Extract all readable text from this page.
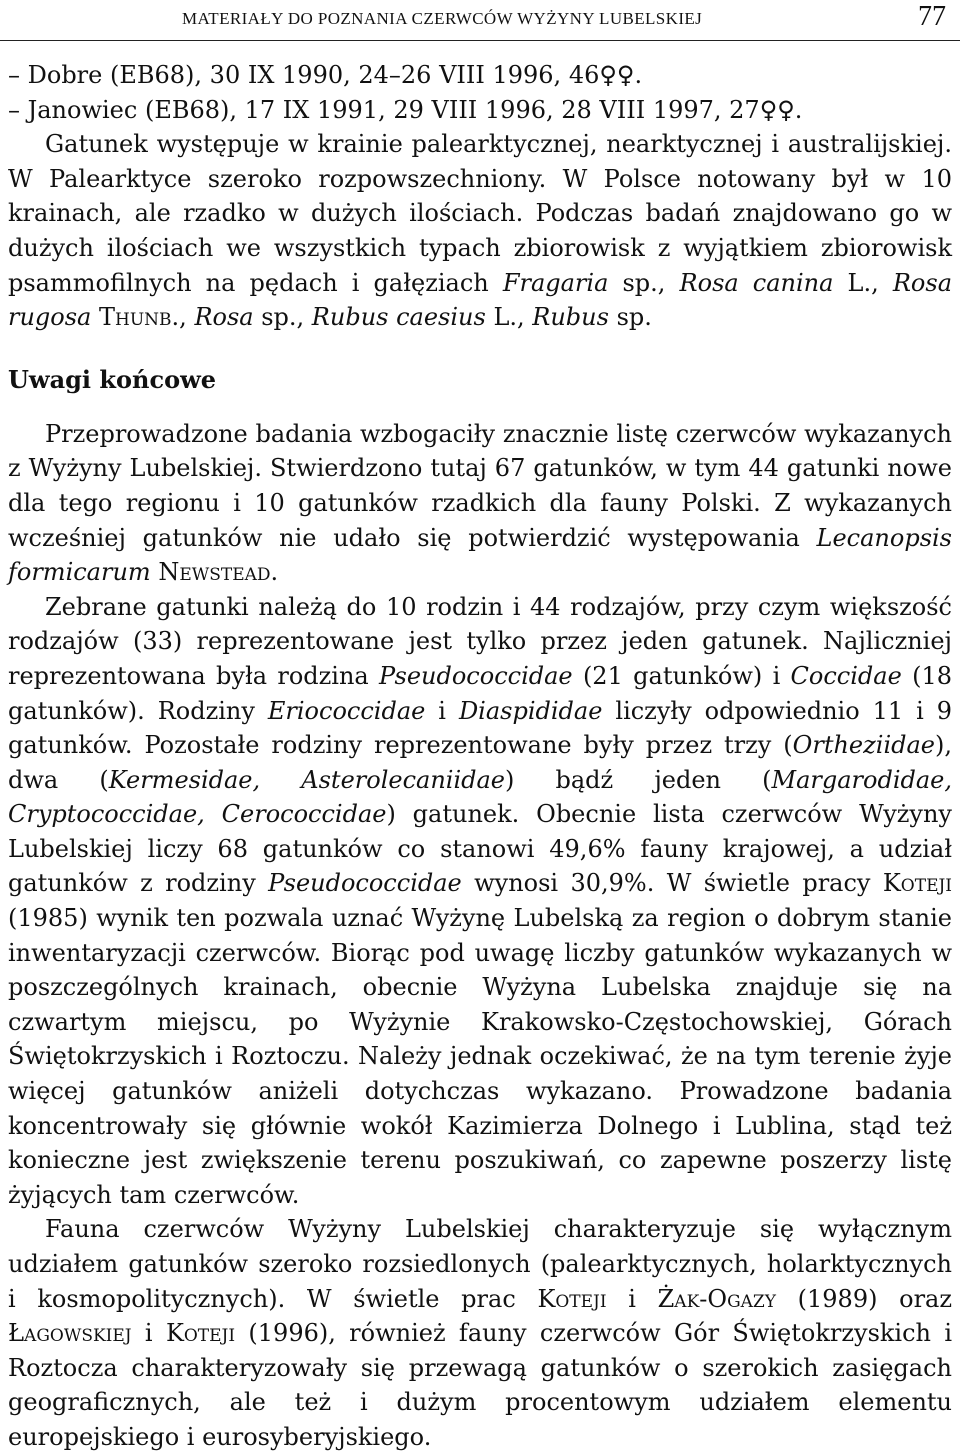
MATERIAŁY DO POZNANIA CZERWCÓW WYŻYNY LUBELSKIEJ	77

– Dobre (EB68), 30 IX 1990, 24–26 VIII 1996, 46♀♀.

– Janowiec (EB68), 17 IX 1991, 29 VIII 1996, 28 VIII 1997, 27♀♀.

Gatunek występuje w krainie palearktycznej, nearktycznej i australijskiej. W Palearktyce szeroko rozpowszechniony. W Polsce notowany był w 10 krainach, ale rzadko w dużych ilościach. Podczas badań znajdowano go w dużych ilościach we wszystkich typach zbiorowisk z wyjątkiem zbiorowisk psammofilnych na pędach i gałęziach Fragaria sp., Rosa canina L., Rosa rugosa Thunb., Rosa sp., Rubus caesius L., Rubus sp.

Uwagi końcowe

Przeprowadzone badania wzbogaciły znacznie listę czerwców wykazanych z Wyżyny Lubelskiej. Stwierdzono tutaj 67 gatunków, w tym 44 gatunki nowe dla tego regionu i 10 gatunków rzadkich dla fauny Polski. Z wykazanych wcześniej gatunków nie udało się potwierdzić występowania Lecanopsis formicarum Newstead.

Zebrane gatunki należą do 10 rodzin i 44 rodzajów, przy czym większość rodzajów (33) reprezentowane jest tylko przez jeden gatunek. Najliczniej reprezentowana była rodzina Pseudococcidae (21 gatunków) i Coccidae (18 gatunków). Rodziny Eriococcidae i Diaspididae liczyły odpowiednio 11 i 9 gatunków. Pozostałe rodziny reprezentowane były przez trzy (Ortheziidae), dwa (Kermesidae, Asterolecaniidae) bądź jeden (Margarodidae, Cryptococcidae, Cerococcidae) gatunek. Obecnie lista czerwców Wyżyny Lubelskiej liczy 68 gatunków co stanowi 49,6% fauny krajowej, a udział gatunków z rodziny Pseudococcidae wynosi 30,9%. W świetle pracy Koteji (1985) wynik ten pozwala uznać Wyżynę Lubelską za region o dobrym stanie inwentaryzacji czerwców. Biorąc pod uwagę liczby gatunków wykazanych w poszczególnych krainach, obecnie Wyżyna Lubelska znajduje się na czwartym miejscu, po Wyżynie Krakowsko-Częstochowskiej, Górach Świętokrzyskich i Roztoczu. Należy jednak oczekiwać, że na tym terenie żyje więcej gatunków aniżeli dotychczas wykazano. Prowadzone badania koncentrowały się głównie wokół Kazimierza Dolnego i Lublina, stąd też konieczne jest zwiększenie terenu poszukiwań, co zapewne poszerzy listę żyjących tam czerwców.

Fauna czerwców Wyżyny Lubelskiej charakteryzuje się wyłącznym udziałem gatunków szeroko rozsiedlonych (palearktycznych, holarktycznych i kosmopolitycznych). W świetle prac Koteji i Żak-Ogazy (1989) oraz Łagowskiej i Koteji (1996), również fauny czerwców Gór Świętokrzyskich i Roztocza charakteryzowały się przewagą gatunków o szerokich zasięgach geograficznych, ale też i dużym procentowym udziałem elementu europejskiego i eurosyberyjskiego.
